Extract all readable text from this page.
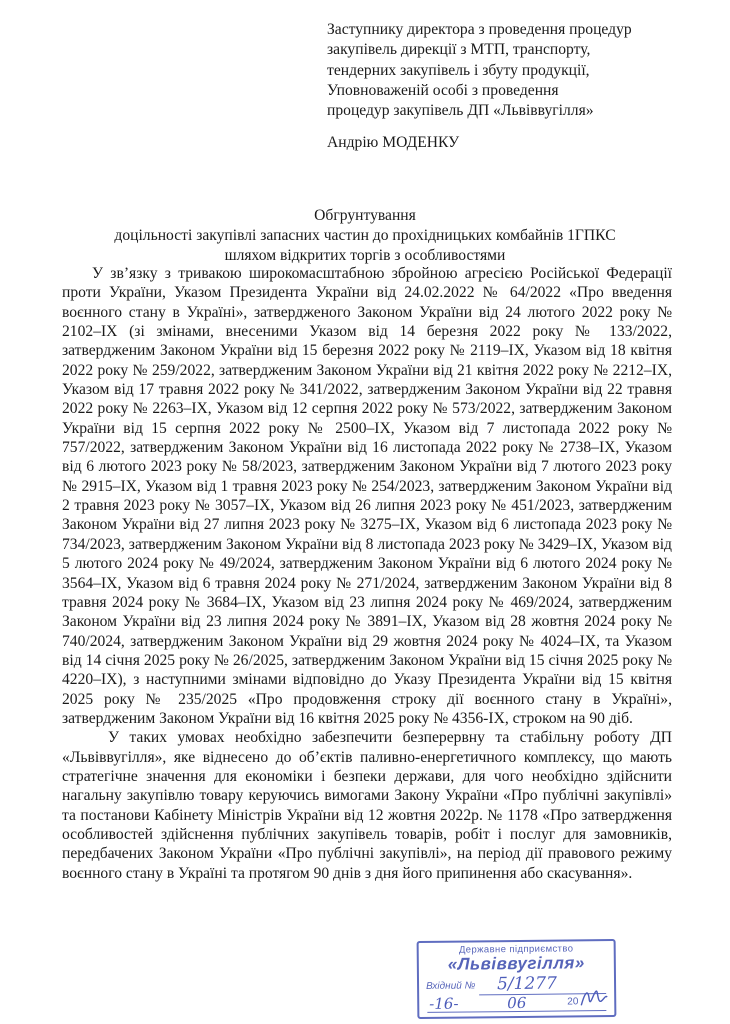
Заступнику директора з проведення процедур
закупівель дирекції з МТП, транспорту,
тендерних закупівель і збуту продукції,
Уповноваженій особі з проведення
процедур закупівель ДП «Львіввугілля»
Андрію МОДЕНКУ
Обгрунтування
доцільності закупівлі запасних частин до прохідницьких комбайнів 1ГПКС
шляхом відкритих торгів з особливостями

У зв’язку з тривакою широкомасштабною збройною агресією Російської Федерації проти України, Указом Президента України від 24.02.2022 № 64/2022 «Про введення воєнного стану в Україні», затвердженого Законом України від 24 лютого 2022 року № 2102–IX (зі змінами, внесеними Указом від 14 березня 2022 року № 133/2022, затвердженим Законом України від 15 березня 2022 року № 2119–IX, Указом від 18 квітня 2022 року № 259/2022, затвердженим Законом України від 21 квітня 2022 року № 2212–IX, Указом від 17 травня 2022 року № 341/2022, затвердженим Законом України від 22 травня 2022 року № 2263–IX, Указом від 12 серпня 2022 року № 573/2022, затвердженим Законом України від 15 серпня 2022 року № 2500–IX, Указом від 7 листопада 2022 року № 757/2022, затвердженим Законом України від 16 листопада 2022 року № 2738–IX, Указом від 6 лютого 2023 року № 58/2023, затвердженим Законом України від 7 лютого 2023 року № 2915–IX, Указом від 1 травня 2023 року № 254/2023, затвердженим Законом України від 2 травня 2023 року № 3057–IX, Указом від 26 липня 2023 року № 451/2023, затвердженим Законом України від 27 липня 2023 року № 3275–IX, Указом від 6 листопада 2023 року № 734/2023, затвердженим Законом України від 8 листопада 2023 року № 3429–IX, Указом від 5 лютого 2024 року № 49/2024, затвердженим Законом України від 6 лютого 2024 року № 3564–IX, Указом від 6 травня 2024 року № 271/2024, затвердженим Законом України від 8 травня 2024 року № 3684–IX, Указом від 23 липня 2024 року № 469/2024, затвердженим Законом України від 23 липня 2024 року № 3891–IX, Указом від 28 жовтня 2024 року № 740/2024, затвердженим Законом України від 29 жовтня 2024 року № 4024–IX, та Указом від 14 січня 2025 року № 26/2025, затвердженим Законом України від 15 січня 2025 року № 4220–IX), з наступними змінами відповідно до Указу Президента України від 15 квітня 2025 року № 235/2025 «Про продовження строку дії воєнного стану в Україні», затвердженим Законом України від 16 квітня 2025 року № 4356-IX, строком на 90 діб.

У таких умовах необхідно забезпечити безперервну та стабільну роботу ДП «Львіввугілля», яке віднесено до об’єктів паливно-енергетичного комплексу, що мають стратегічне значення для економіки і безпеки держави, для чого необхідно здійснити нагальну закупівлю товару керуючись вимогами Закону України «Про публічні закупівлі» та постанови Кабінету Міністрів України від 12 жовтня 2022р. № 1178 «Про затвердження особливостей здійснення публічних закупівель товарів, робіт і послуг для замовників, передбачених Законом України «Про публічні закупівлі», на період дії правового режиму воєнного стану в Україні та протягом 90 днів з дня його припинення або скасування».

Державне підприємство
«Львіввугілля»
Вхідний № 5/1277
-16-	06	20
